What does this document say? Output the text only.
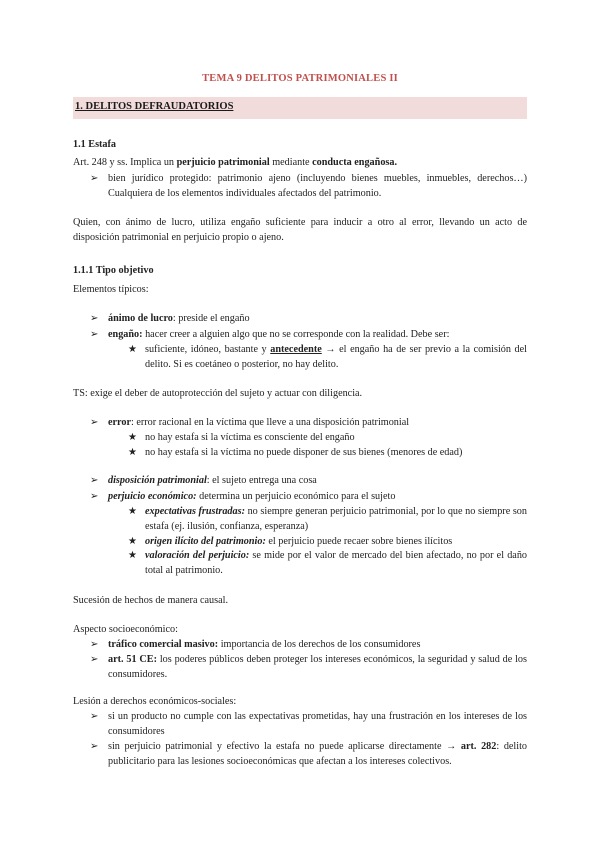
TEMA 9 DELITOS PATRIMONIALES II
1. DELITOS DEFRAUDATORIOS
1.1 Estafa
Art. 248 y ss. Implica un perjuicio patrimonial mediante conducta engañosa.
➢ bien jurídico protegido: patrimonio ajeno (incluyendo bienes muebles, inmuebles, derechos…) Cualquiera de los elementos individuales afectados del patrimonio.
Quien, con ánimo de lucro, utiliza engaño suficiente para inducir a otro al error, llevando un acto de disposición patrimonial en perjuicio propio o ajeno.
1.1.1 Tipo objetivo
Elementos típicos:
➢ ánimo de lucro: preside el engaño
➢ engaño: hacer creer a alguien algo que no se corresponde con la realidad. Debe ser:
★ suficiente, idóneo, bastante y antecedente → el engaño ha de ser previo a la comisión del delito. Si es coetáneo o posterior, no hay delito.
TS: exige el deber de autoprotección del sujeto y actuar con diligencia.
➢ error: error racional en la víctima que lleve a una disposición patrimonial
★ no hay estafa si la víctima es consciente del engaño
★ no hay estafa si la víctima no puede disponer de sus bienes (menores de edad)
➢ disposición patrimonial: el sujeto entrega una cosa
➢ perjuicio económico: determina un perjuicio económico para el sujeto
★ expectativas frustradas: no siempre generan perjuicio patrimonial, por lo que no siempre son estafa (ej. ilusión, confianza, esperanza)
★ origen ilícito del patrimonio: el perjuicio puede recaer sobre bienes ilícitos
★ valoración del perjuicio: se mide por el valor de mercado del bien afectado, no por el daño total al patrimonio.
Sucesión de hechos de manera causal.
Aspecto socioeconómico:
➢ tráfico comercial masivo: importancia de los derechos de los consumidores
➢ art. 51 CE: los poderes públicos deben proteger los intereses económicos, la seguridad y salud de los consumidores.
Lesión a derechos económicos-sociales:
➢ si un producto no cumple con las expectativas prometidas, hay una frustración en los intereses de los consumidores
➢ sin perjuicio patrimonial y efectivo la estafa no puede aplicarse directamente → art. 282: delito publicitario para las lesiones socioeconómicas que afectan a los intereses colectivos.
